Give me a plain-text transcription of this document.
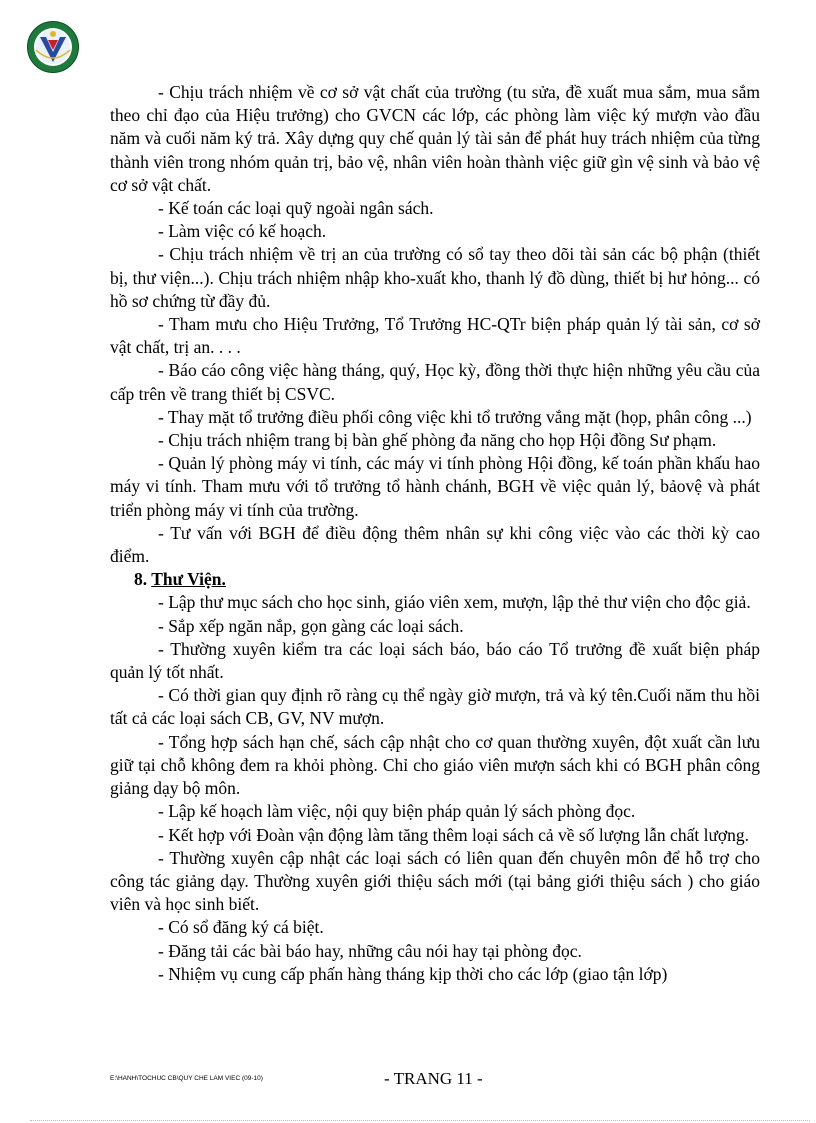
- Chịu trách nhiệm về cơ sở vật chất của trường (tu sửa, đề xuất mua sắm, mua sắm theo chỉ đạo của Hiệu trưởng) cho GVCN các lớp, các phòng làm việc ký mượn vào đầu năm và cuối năm ký trả. Xây dựng quy chế quản lý tài sản để phát huy trách nhiệm của từng thành viên trong nhóm quản trị, bảo vệ, nhân viên hoàn thành việc giữ gìn vệ sinh và bảo vệ cơ sở vật chất.

- Kế toán các loại quỹ ngoài ngân sách.

- Làm việc có kế hoạch.

- Chịu trách nhiệm về trị an của trường có sổ tay theo dõi tài sản các bộ phận (thiết bị, thư viện...). Chịu trách nhiệm nhập kho-xuất kho, thanh lý đồ dùng, thiết bị hư hỏng... có hồ sơ chứng từ đầy đủ.

- Tham mưu cho Hiệu Trưởng, Tổ Trưởng HC-QTr biện pháp quản lý tài sản, cơ sở vật chất, trị an. . . .

- Báo cáo công việc hàng tháng, quý, Học kỳ, đồng thời thực hiện những yêu cầu của cấp trên về trang thiết bị CSVC.

- Thay mặt tổ trưởng điều phối công việc khi tổ trưởng vắng mặt (họp, phân công ...)

- Chịu trách nhiệm trang bị bàn ghế phòng đa năng cho họp Hội đồng Sư phạm.

- Quản lý phòng máy vi tính, các máy vi tính phòng Hội đồng, kế toán phần khấu hao máy vi tính. Tham mưu với tổ trưởng tổ hành chánh, BGH về việc quản lý, bảovệ và phát triển phòng máy vi tính của trường.

- Tư vấn với BGH để điều động thêm nhân sự khi công việc vào các thời kỳ cao điểm.

8. Thư Viện.

- Lập thư mục sách cho học sinh, giáo viên xem, mượn, lập thẻ thư viện cho độc giả.

- Sắp xếp ngăn nắp, gọn gàng các loại sách.

- Thường xuyên kiểm tra các loại sách báo, báo cáo Tổ trưởng đề xuất biện pháp quản lý tốt nhất.

- Có thời gian quy định rõ ràng cụ thể ngày giờ mượn, trả và ký tên.Cuối năm thu hồi tất cả các loại sách CB, GV, NV mượn.

- Tổng hợp sách hạn chế, sách cập nhật cho cơ quan thường xuyên, đột xuất cần lưu giữ tại chỗ không đem ra khỏi phòng. Chỉ cho giáo viên mượn sách khi có BGH phân công giảng dạy bộ môn.

- Lập kế hoạch làm việc, nội quy biện pháp quản lý sách phòng đọc.

- Kết hợp với Đoàn vận động làm tăng thêm loại sách cả về số lượng lẫn chất lượng.

- Thường xuyên cập nhật các loại sách có liên quan đến chuyên môn để hỗ trợ cho công tác giảng dạy. Thường xuyên giới thiệu sách mới (tại bảng giới thiệu sách ) cho giáo viên và học sinh biết.

- Có sổ đăng ký cá biệt.

- Đăng tải các bài báo hay, những câu nói hay tại phòng đọc.

- Nhiệm vụ cung cấp phấn hàng tháng kịp thời cho các lớp (giao tận lớp)

E:\HANH\TOCHUC CB\QUY CHE LAM VIEC (09-10)	- TRANG 11 -
